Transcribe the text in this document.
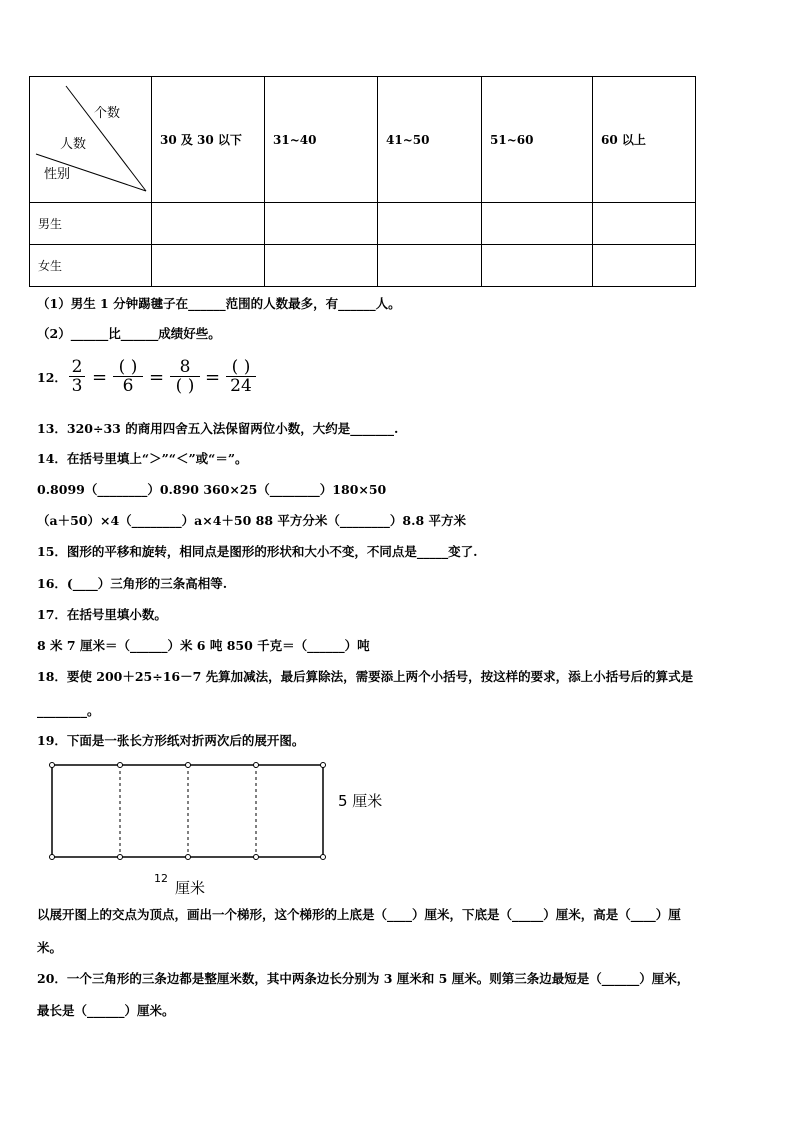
个数
人数
性别	30 及 30 以下	31~40	41~50	51~60	60 以上
男生					
女生					
（1）男生 1 分钟踢毽子在______范围的人数最多，有______人。
（2）______比______成绩好些。
12． $\frac{2}{3}$ = ( )
6 = 8
( ) = ( )
24
13．320÷33 的商用四舍五入法保留两位小数，大约是_______.
14．在括号里填上“＞”“＜”或“＝”。
0.8099（________）0.890 360×25（________）180×50
（a＋50）×4（________）a×4＋50 88 平方分米（________）8.8 平方米
15．图形的平移和旋转，相同点是图形的形状和大小不变，不同点是_____变了.
16．(____）三角形的三条高相等.
17．在括号里填小数。
8 米 7 厘米＝（______）米 6 吨 850 千克＝（______）吨
18．要使 200＋25÷16－7 先算加减法，最后算除法，需要添上两个小括号，按这样的要求，添上小括号后的算式是
________。
19．下面是一张长方形纸对折两次后的展开图。
5 厘米
12
厘米
以展开图上的交点为顶点，画出一个梯形，这个梯形的上底是（____）厘米，下底是（_____）厘米，高是（____）厘
米。
20．一个三角形的三条边都是整厘米数，其中两条边长分别为 3 厘米和 5 厘米。则第三条边最短是（______）厘米，
最长是（______）厘米。
